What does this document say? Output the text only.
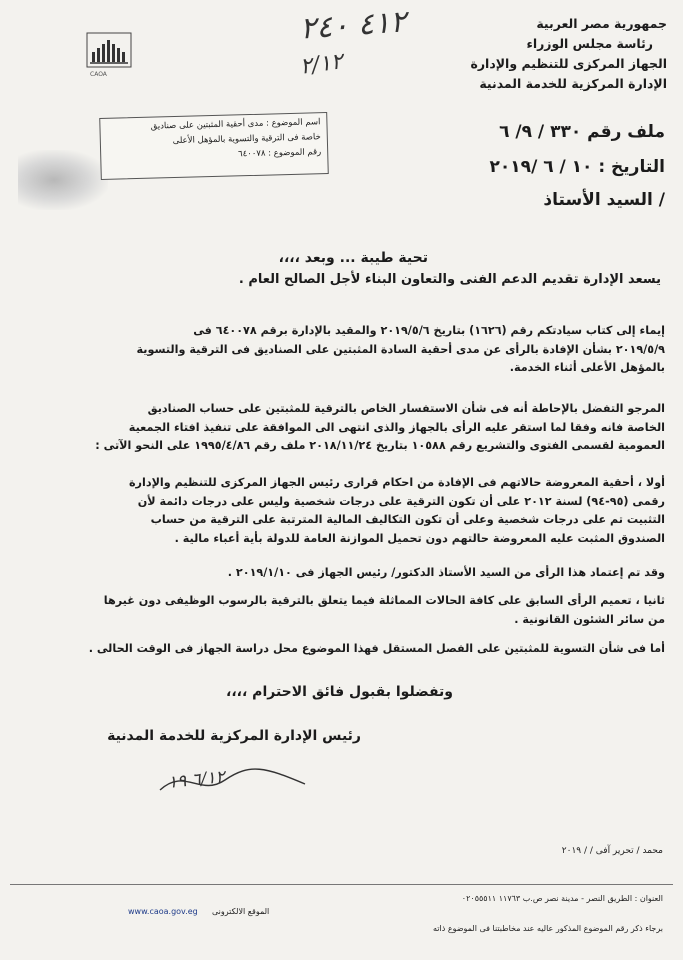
جمهورية مصر العربية
رئاسة مجلس الوزراء
الجهاز المركزى للتنظيم والإدارة
الإدارة المركزية للخدمة المدنية
CAOA
٤١٢ ٢٤٠
٢/١٢
ملف رقم ٣٣٠ / ٩/ ٦
التاريخ : ١٠ / ٦ /٢٠١٩
السيد الأستاذ /
اسم الموضوع : مدى أحقية المثبتين على صناديق
خاصة فى الترقية والتسوية بالمؤهل الأعلى
رقم الموضوع : ٦٤٠٠٧٨
تحية طيبة ... وبعد ،،،،
يسعد الإدارة تقديم الدعم الفنى والتعاون البناء لأجل الصالح العام .
إيماء إلى كتاب سيادتكم رقم (١٦٢٦) بتاريخ ٢٠١٩/٥/٦ والمقيد بالإدارة برقم ٦٤٠٠٧٨ فى
٢٠١٩/٥/٩ بشأن الإفادة بالرأى عن مدى أحقية السادة المثبتين على الصناديق فى الترقية والتسوية
بالمؤهل الأعلى أثناء الخدمة.
المرجو التفضل بالإحاطة أنه فى شأن الاستفسار الخاص بالترقية للمثبتين على حساب الصناديق
الخاصة فانه وفقا لما استقر عليه الرأى بالجهاز والذى انتهى الى الموافقة على تنفيذ افتاء الجمعية
العمومية لقسمى الفتوى والتشريع رقم ١٠٥٨٨ بتاريخ ٢٠١٨/١١/٢٤ ملف رقم ١٩٩٥/٤/٨٦ على النحو الآتى :
أولا ، أحقية المعروضة حالاتهم فى الإفادة من احكام قرارى رئيس الجهاز المركزى للتنظيم والإدارة
رقمى (٩٥-٩٤) لسنة ٢٠١٢ على أن تكون الترقية على درجات شخصية وليس على درجات دائمة لأن
التثبيت تم على درجات شخصية وعلى أن تكون التكاليف المالية المترتبة على الترقية من حساب
الصندوق المثبت عليه المعروضة حالتهم دون تحميل الموازنة العامة للدولة بأية أعباء مالية .
وقد تم إعتماد هذا الرأى من السيد الأستاذ الدكتور/ رئيس الجهاز فى ٢٠١٩/١/١٠ .
ثانيا ، تعميم الرأى السابق على كافة الحالات المماثلة فيما يتعلق بالترقية بالرسوب الوظيفى دون غيرها
من سائر الشئون القانونية .
أما فى شأن التسوية للمثبتين على الفصل المستقل فهذا الموضوع محل دراسة الجهاز فى الوقت الحالى .
وتفضلوا بقبول فائق الاحترام ،،،،
رئيس الإدارة المركزية للخدمة المدنية
٦/١٢ ١٩
محمد / تحرير آفى / / ٢٠١٩
العنوان : الطريق النصر - مدينة نصر ص.ب ١١٧٦٣ ٠٢٠٥٥٥١١
برجاء ذكر رقم الموضوع المذكور عاليه عند مخاطبتنا فى الموضوع ذاته
الموقع الالكترونى
www.caoa.gov.eg
